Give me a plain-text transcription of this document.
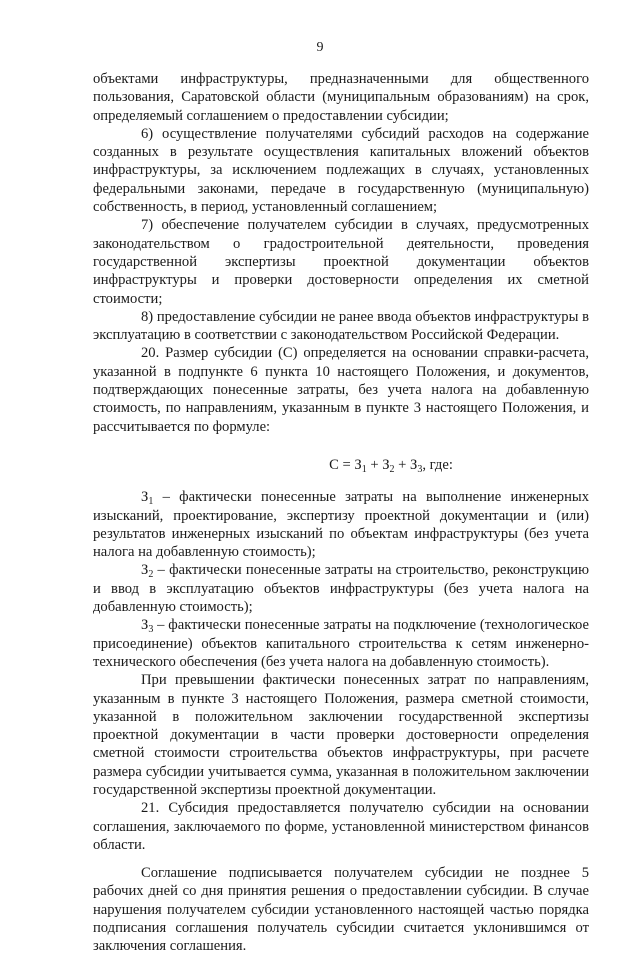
9

объектами инфраструктуры, предназначенными для общественного пользования, Саратовской области (муниципальным образованиям) на срок, определяемый соглашением о предоставлении субсидии;

6) осуществление получателями субсидий расходов на содержание созданных в результате осуществления капитальных вложений объектов инфраструктуры, за исключением подлежащих в случаях, установленных федеральными законами, передаче в государственную (муниципальную) собственность, в период, установленный соглашением;

7) обеспечение получателем субсидии в случаях, предусмотренных законодательством о градостроительной деятельности, проведения государственной экспертизы проектной документации объектов инфраструктуры и проверки достоверности определения их сметной стоимости;

8) предоставление субсидии не ранее ввода объектов инфраструктуры в эксплуатацию в соответствии с законодательством Российской Федерации.

20. Размер субсидии (С) определяется на основании справки-расчета, указанной в подпункте 6 пункта 10 настоящего Положения, и документов, подтверждающих понесенные затраты, без учета налога на добавленную стоимость, по направлениям, указанным в пункте 3 настоящего Положения, и рассчитывается по формуле:

$С = З_1 + З_2 + З_3$, где:

$З_1$ – фактически понесенные затраты на выполнение инженерных изысканий, проектирование, экспертизу проектной документации и (или) результатов инженерных изысканий по объектам инфраструктуры (без учета налога на добавленную стоимость);

$З_2$ – фактически понесенные затраты на строительство, реконструкцию и ввод в эксплуатацию объектов инфраструктуры (без учета налога на добавленную стоимость);

$З_3$ – фактически понесенные затраты на подключение (технологическое присоединение) объектов капитального строительства к сетям инженерно-технического обеспечения (без учета налога на добавленную стоимость).

При превышении фактически понесенных затрат по направлениям, указанным в пункте 3 настоящего Положения, размера сметной стоимости, указанной в положительном заключении государственной экспертизы проектной документации в части проверки достоверности определения сметной стоимости строительства объектов инфраструктуры, при расчете размера субсидии учитывается сумма, указанная в положительном заключении государственной экспертизы проектной документации.

21. Субсидия предоставляется получателю субсидии на основании соглашения, заключаемого по форме, установленной министерством финансов области.

Соглашение подписывается получателем субсидии не позднее 5 рабочих дней со дня принятия решения о предоставлении субсидии. В случае нарушения получателем субсидии установленного настоящей частью порядка подписания соглашения получатель субсидии считается уклонившимся от заключения соглашения.
